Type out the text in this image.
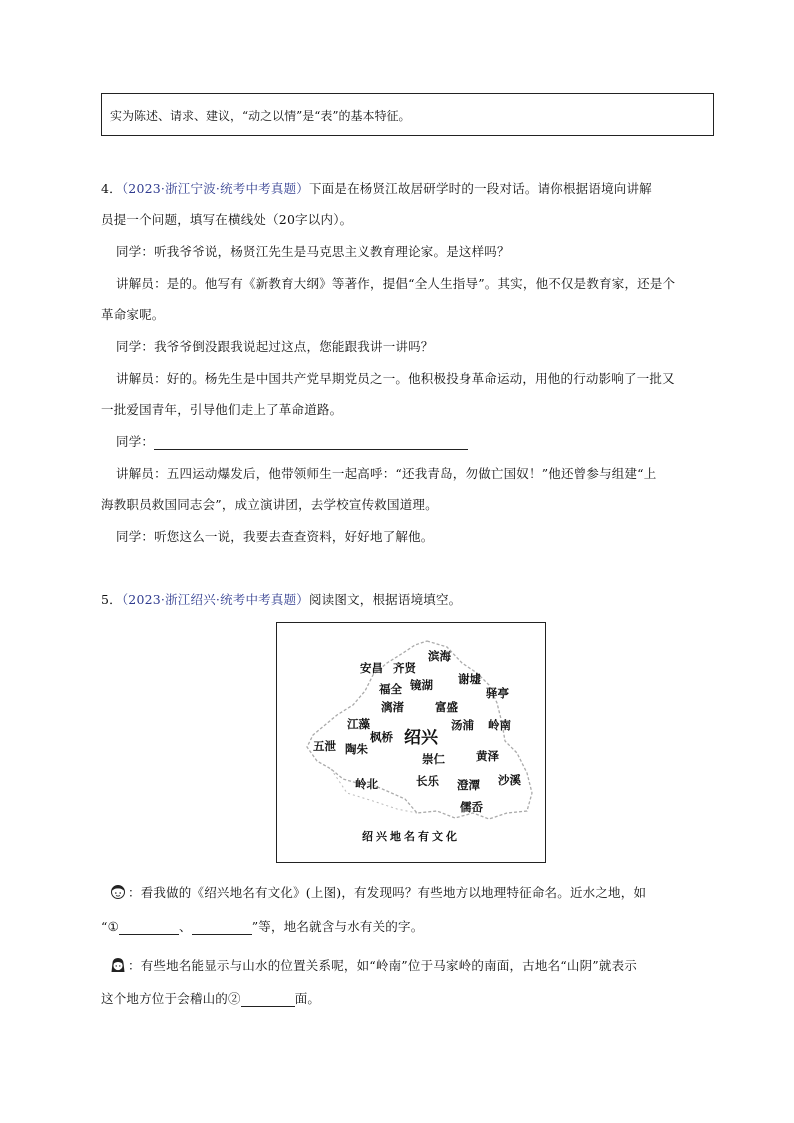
实为陈述、请求、建议，“动之以情”是“表”的基本特征。
4．（2023·浙江宁波·统考中考真题）下面是在杨贤江故居研学时的一段对话。请你根据语境向讲解
员提一个问题，填写在横线处（20字以内）。
同学：听我爷爷说，杨贤江先生是马克思主义教育理论家。是这样吗？
讲解员：是的。他写有《新教育大纲》等著作，提倡“全人生指导”。其实，他不仅是教育家，还是个
革命家呢。
同学：我爷爷倒没跟我说起过这点，您能跟我讲一讲吗？
讲解员：好的。杨先生是中国共产党早期党员之一。他积极投身革命运动，用他的行动影响了一批又
一批爱国青年，引导他们走上了革命道路。
同学：
讲解员：五四运动爆发后，他带领师生一起高呼：“还我青岛，勿做亡国奴！”他还曾参与组建“上
海教职员救国同志会”，成立演讲团，去学校宣传救国道理。
同学：听您这么一说，我要去查查资料，好好地了解他。
5．（2023·浙江绍兴·统考中考真题）阅读图文，根据语境填空。
滨海
安昌 齐贤
谢墟
驿亭
福全 镜湖
漓渚	富盛
江藻	汤浦 岭南
枫桥 绍兴
五泄 陶朱
崇仁	黄泽
岭北	长乐 澄潭 沙溪
儒岙
绍兴地名有文化
：看我做的《绍兴地名有文化》(上图)，有发现吗？有些地方以地理特征命名。近水之地，如
“①	、	”等，地名就含与水有关的字。
：有些地名能显示与山水的位置关系呢，如“岭南”位于马家岭的南面，古地名“山阴”就表示
这个地方位于会稽山的②	面。
